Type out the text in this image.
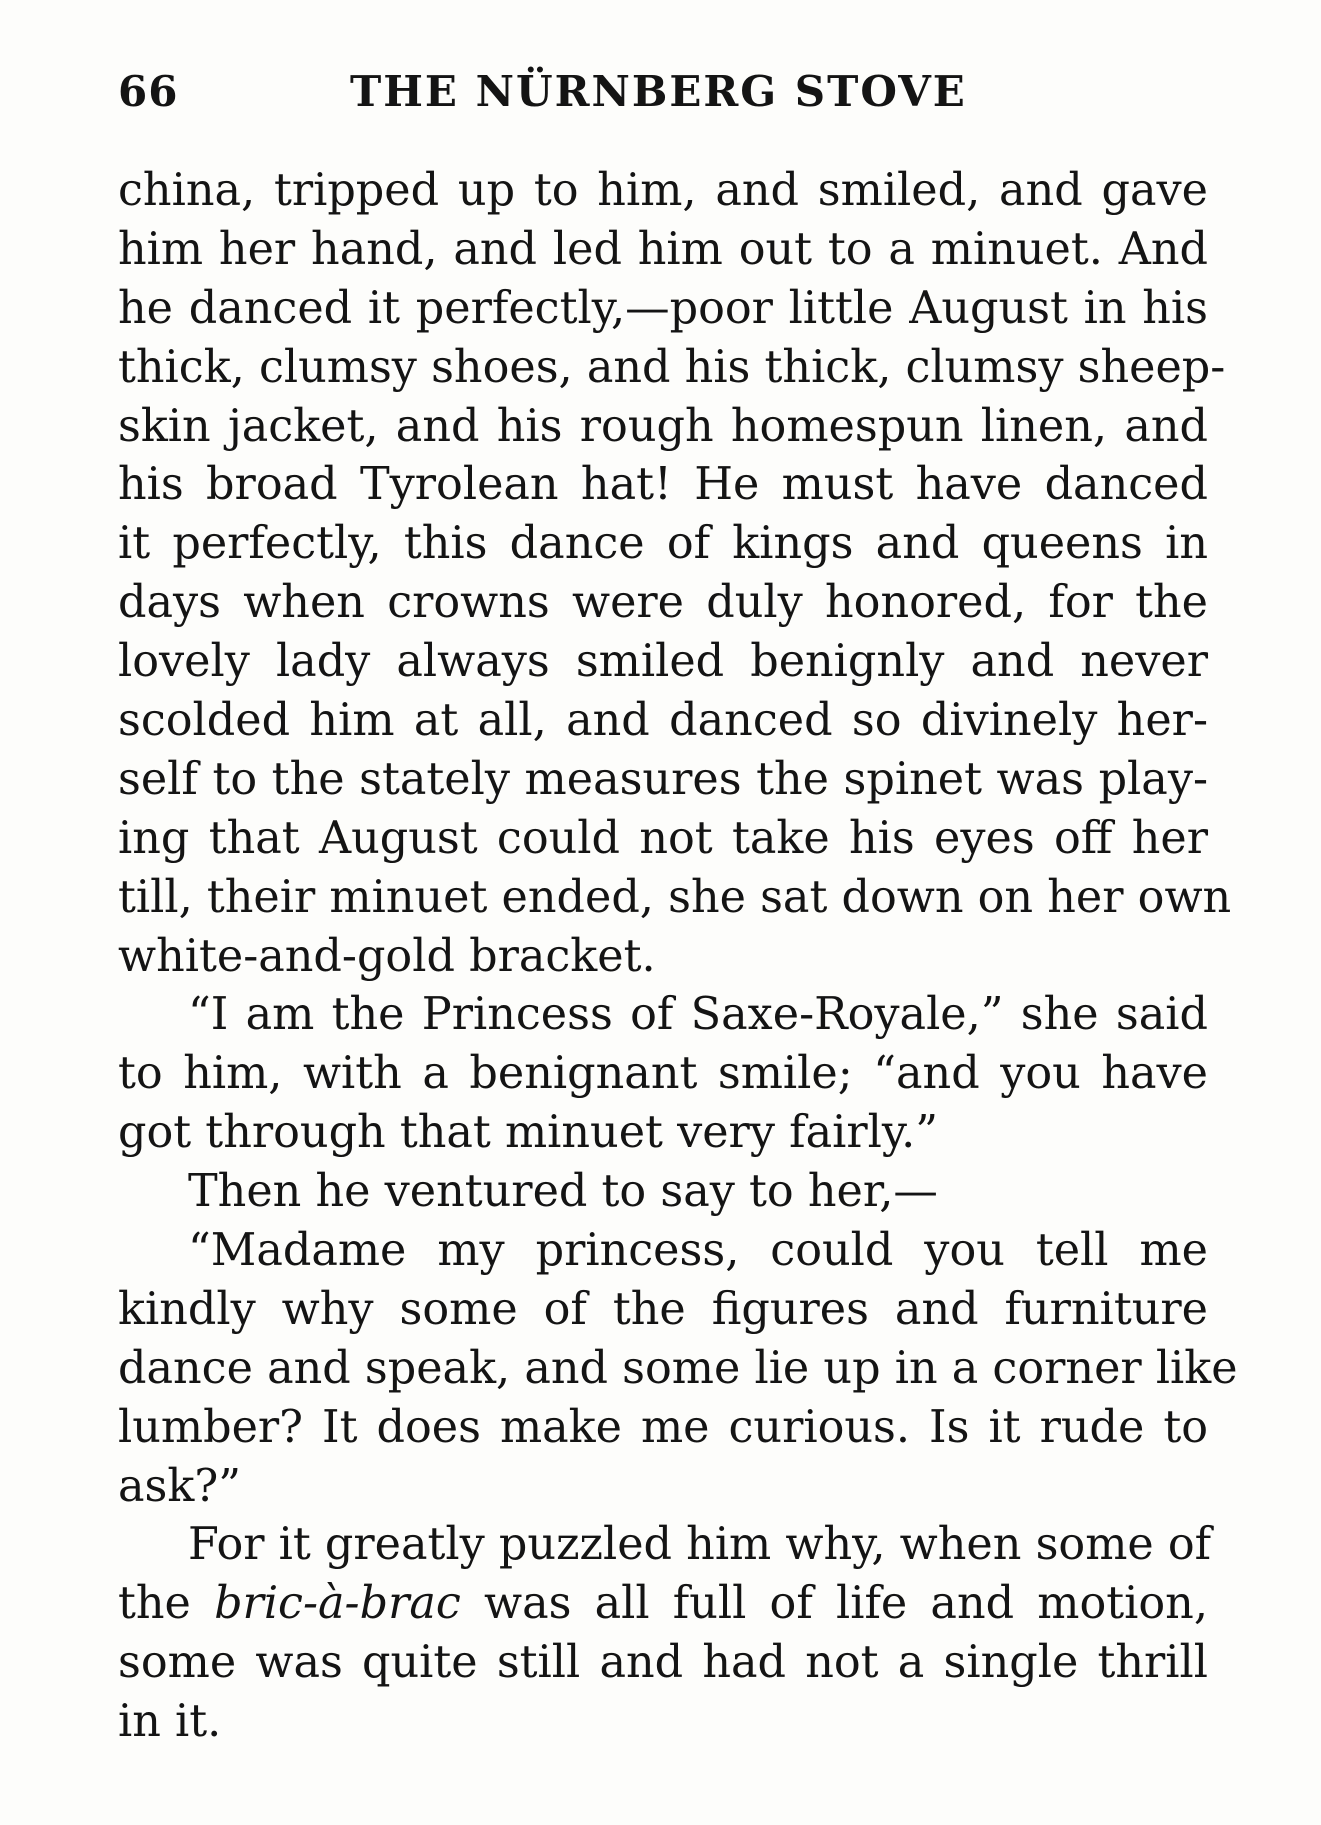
66	THE NÜRNBERG STOVE
china, tripped up to him, and smiled, and gave
him her hand, and led him out to a minuet. And
he danced it perfectly,—poor little August in his
thick, clumsy shoes, and his thick, clumsy sheep-
skin jacket, and his rough homespun linen, and
his broad Tyrolean hat! He must have danced
it perfectly, this dance of kings and queens in
days when crowns were duly honored, for the
lovely lady always smiled benignly and never
scolded him at all, and danced so divinely her-
self to the stately measures the spinet was play-
ing that August could not take his eyes off her
till, their minuet ended, she sat down on her own
white-and-gold bracket.
“I am the Princess of Saxe-Royale,” she said
to him, with a benignant smile; “and you have
got through that minuet very fairly.”
Then he ventured to say to her,—
“Madame my princess, could you tell me
kindly why some of the figures and furniture
dance and speak, and some lie up in a corner like
lumber? It does make me curious. Is it rude to
ask?”
For it greatly puzzled him why, when some of
the bric-à-brac was all full of life and motion,
some was quite still and had not a single thrill
in it.
